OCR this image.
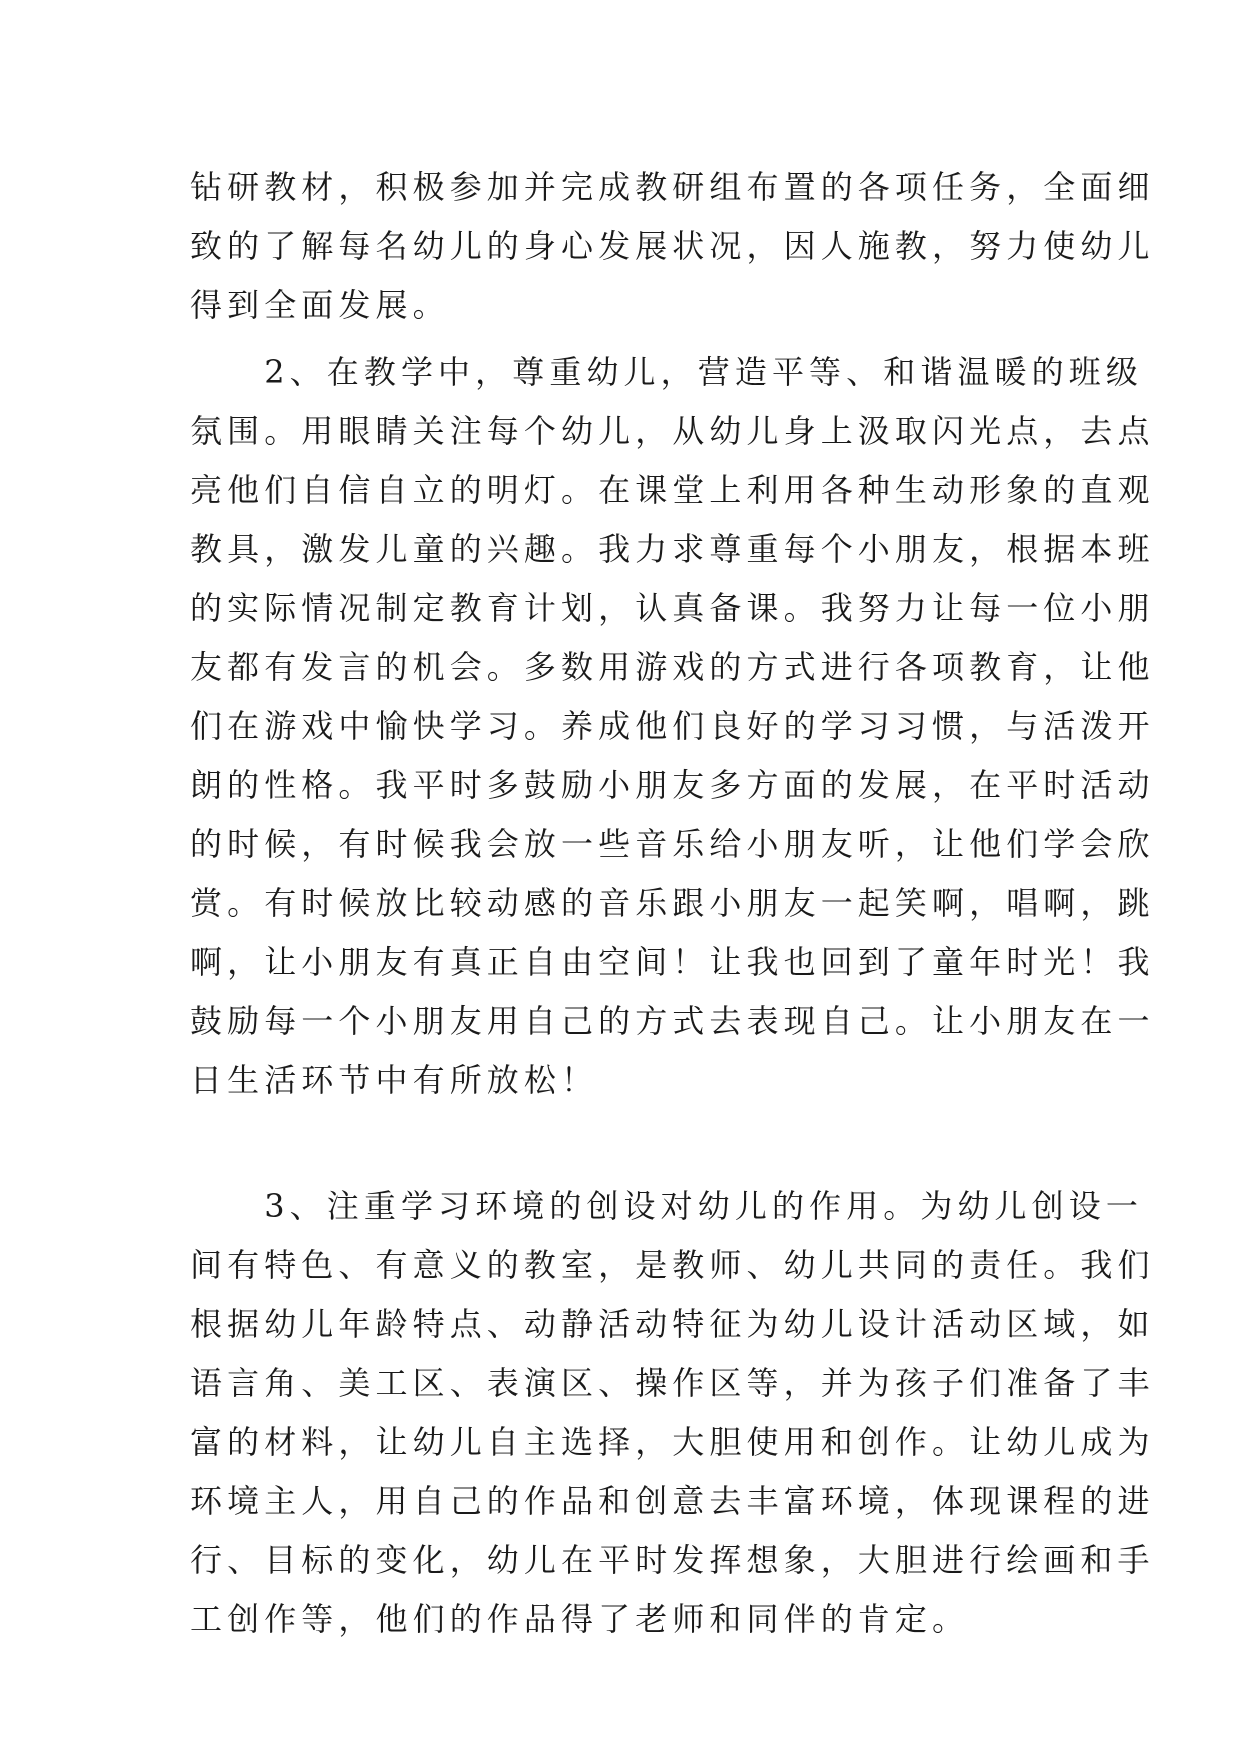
钻研教材，积极参加并完成教研组布置的各项任务，全面细
致的了解每名幼儿的身心发展状况，因人施教，努力使幼儿
得到全面发展。
　　2、在教学中，尊重幼儿，营造平等、和谐温暖的班级
氛围。用眼睛关注每个幼儿，从幼儿身上汲取闪光点，去点
亮他们自信自立的明灯。在课堂上利用各种生动形象的直观
教具，激发儿童的兴趣。我力求尊重每个小朋友，根据本班
的实际情况制定教育计划，认真备课。我努力让每一位小朋
友都有发言的机会。多数用游戏的方式进行各项教育，让他
们在游戏中愉快学习。养成他们良好的学习习惯，与活泼开
朗的性格。我平时多鼓励小朋友多方面的发展，在平时活动
的时候，有时候我会放一些音乐给小朋友听，让他们学会欣
赏。有时候放比较动感的音乐跟小朋友一起笑啊，唱啊，跳
啊，让小朋友有真正自由空间！让我也回到了童年时光！我
鼓励每一个小朋友用自己的方式去表现自己。让小朋友在一
日生活环节中有所放松！
　　3、注重学习环境的创设对幼儿的作用。为幼儿创设一
间有特色、有意义的教室，是教师、幼儿共同的责任。我们
根据幼儿年龄特点、动静活动特征为幼儿设计活动区域，如
语言角、美工区、表演区、操作区等，并为孩子们准备了丰
富的材料，让幼儿自主选择，大胆使用和创作。让幼儿成为
环境主人，用自己的作品和创意去丰富环境，体现课程的进
行、目标的变化，幼儿在平时发挥想象，大胆进行绘画和手
工创作等，他们的作品得了老师和同伴的肯定。
